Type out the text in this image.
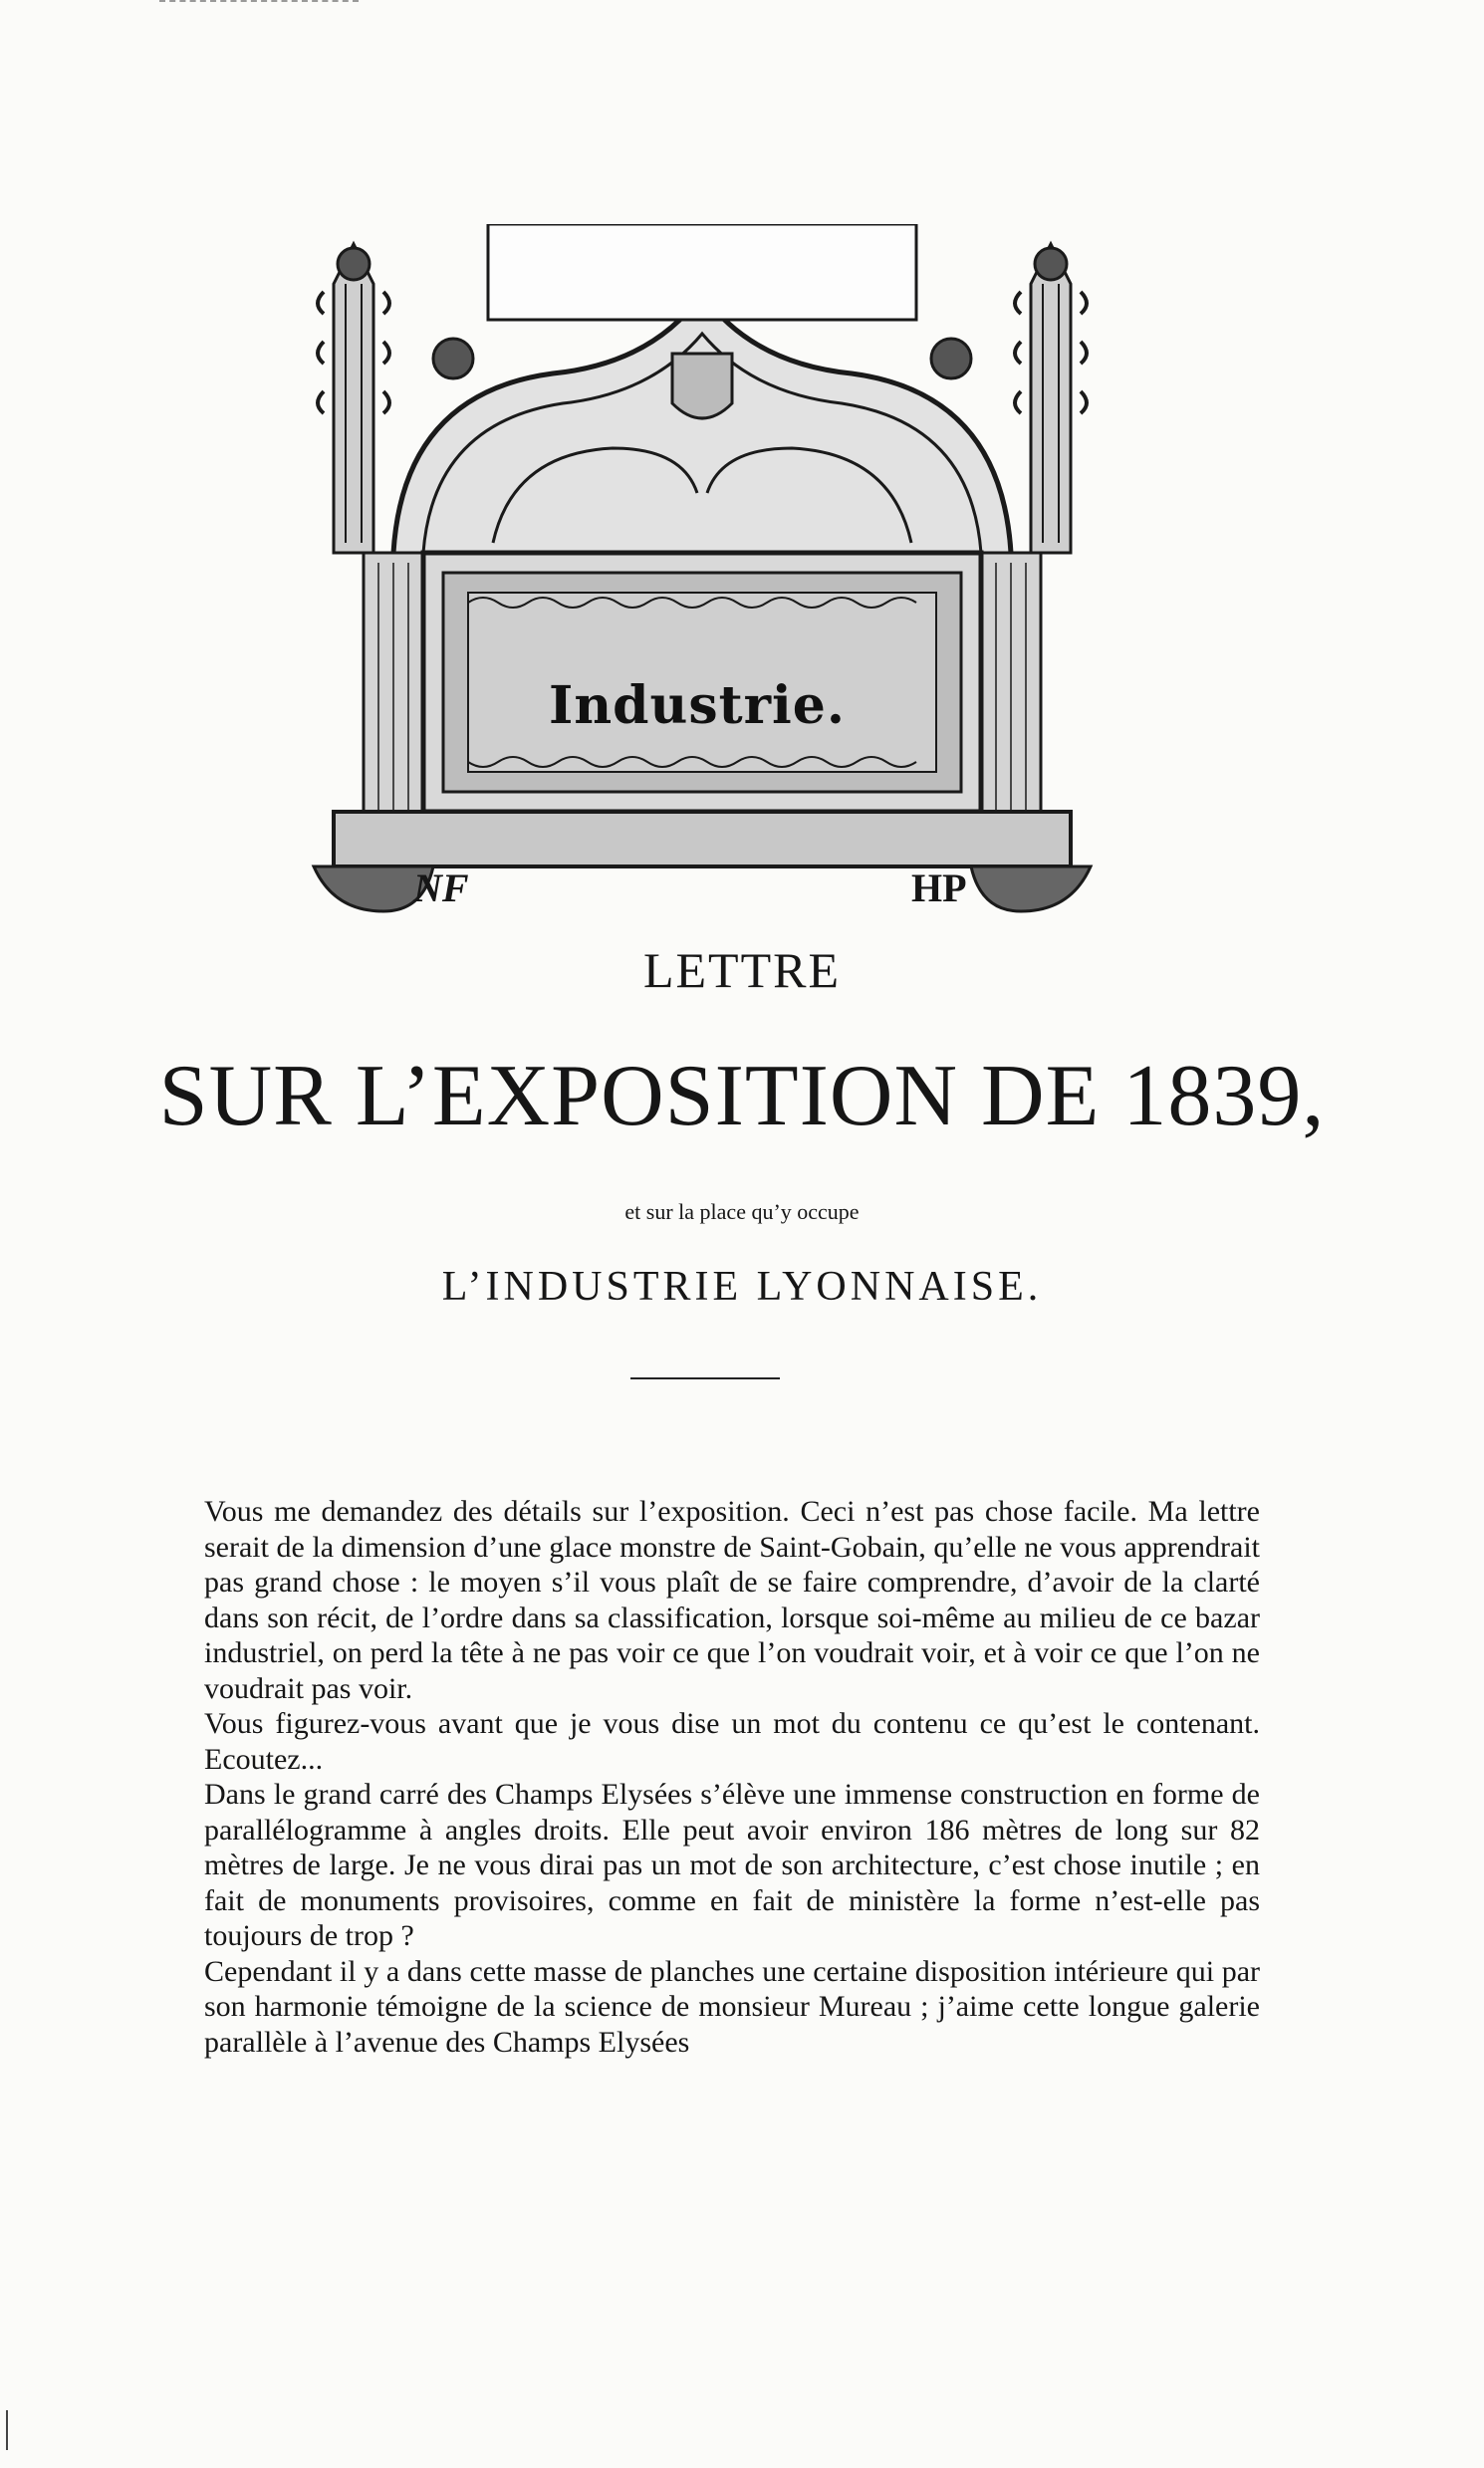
Industrie.
NF	HP
LETTRE
SUR L’EXPOSITION DE 1839,
et sur la place qu’y occupe
L’INDUSTRIE LYONNAISE.

Vous me demandez des détails sur l’exposition. Ceci n’est pas chose facile. Ma lettre serait de la dimension d’une glace monstre de Saint-Gobain, qu’elle ne vous apprendrait pas grand chose : le moyen s’il vous plaît de se faire comprendre, d’avoir de la clarté dans son récit, de l’ordre dans sa classification, lorsque soi-même au milieu de ce bazar industriel, on perd la tête à ne pas voir ce que l’on voudrait voir, et à voir ce que l’on ne voudrait pas voir.

Vous figurez-vous avant que je vous dise un mot du contenu ce qu’est le contenant. Ecoutez...

Dans le grand carré des Champs Elysées s’élève une immense construction en forme de parallélogramme à angles droits. Elle peut avoir environ 186 mètres de long sur 82 mètres de large. Je ne vous dirai pas un mot de son architecture, c’est chose inutile ; en fait de monuments provisoires, comme en fait de ministère la forme n’est-elle pas toujours de trop ?

Cependant il y a dans cette masse de planches une certaine disposition intérieure qui par son harmonie témoigne de la science de monsieur Mureau ; j’aime cette longue galerie parallèle à l’avenue des Champs Elysées
